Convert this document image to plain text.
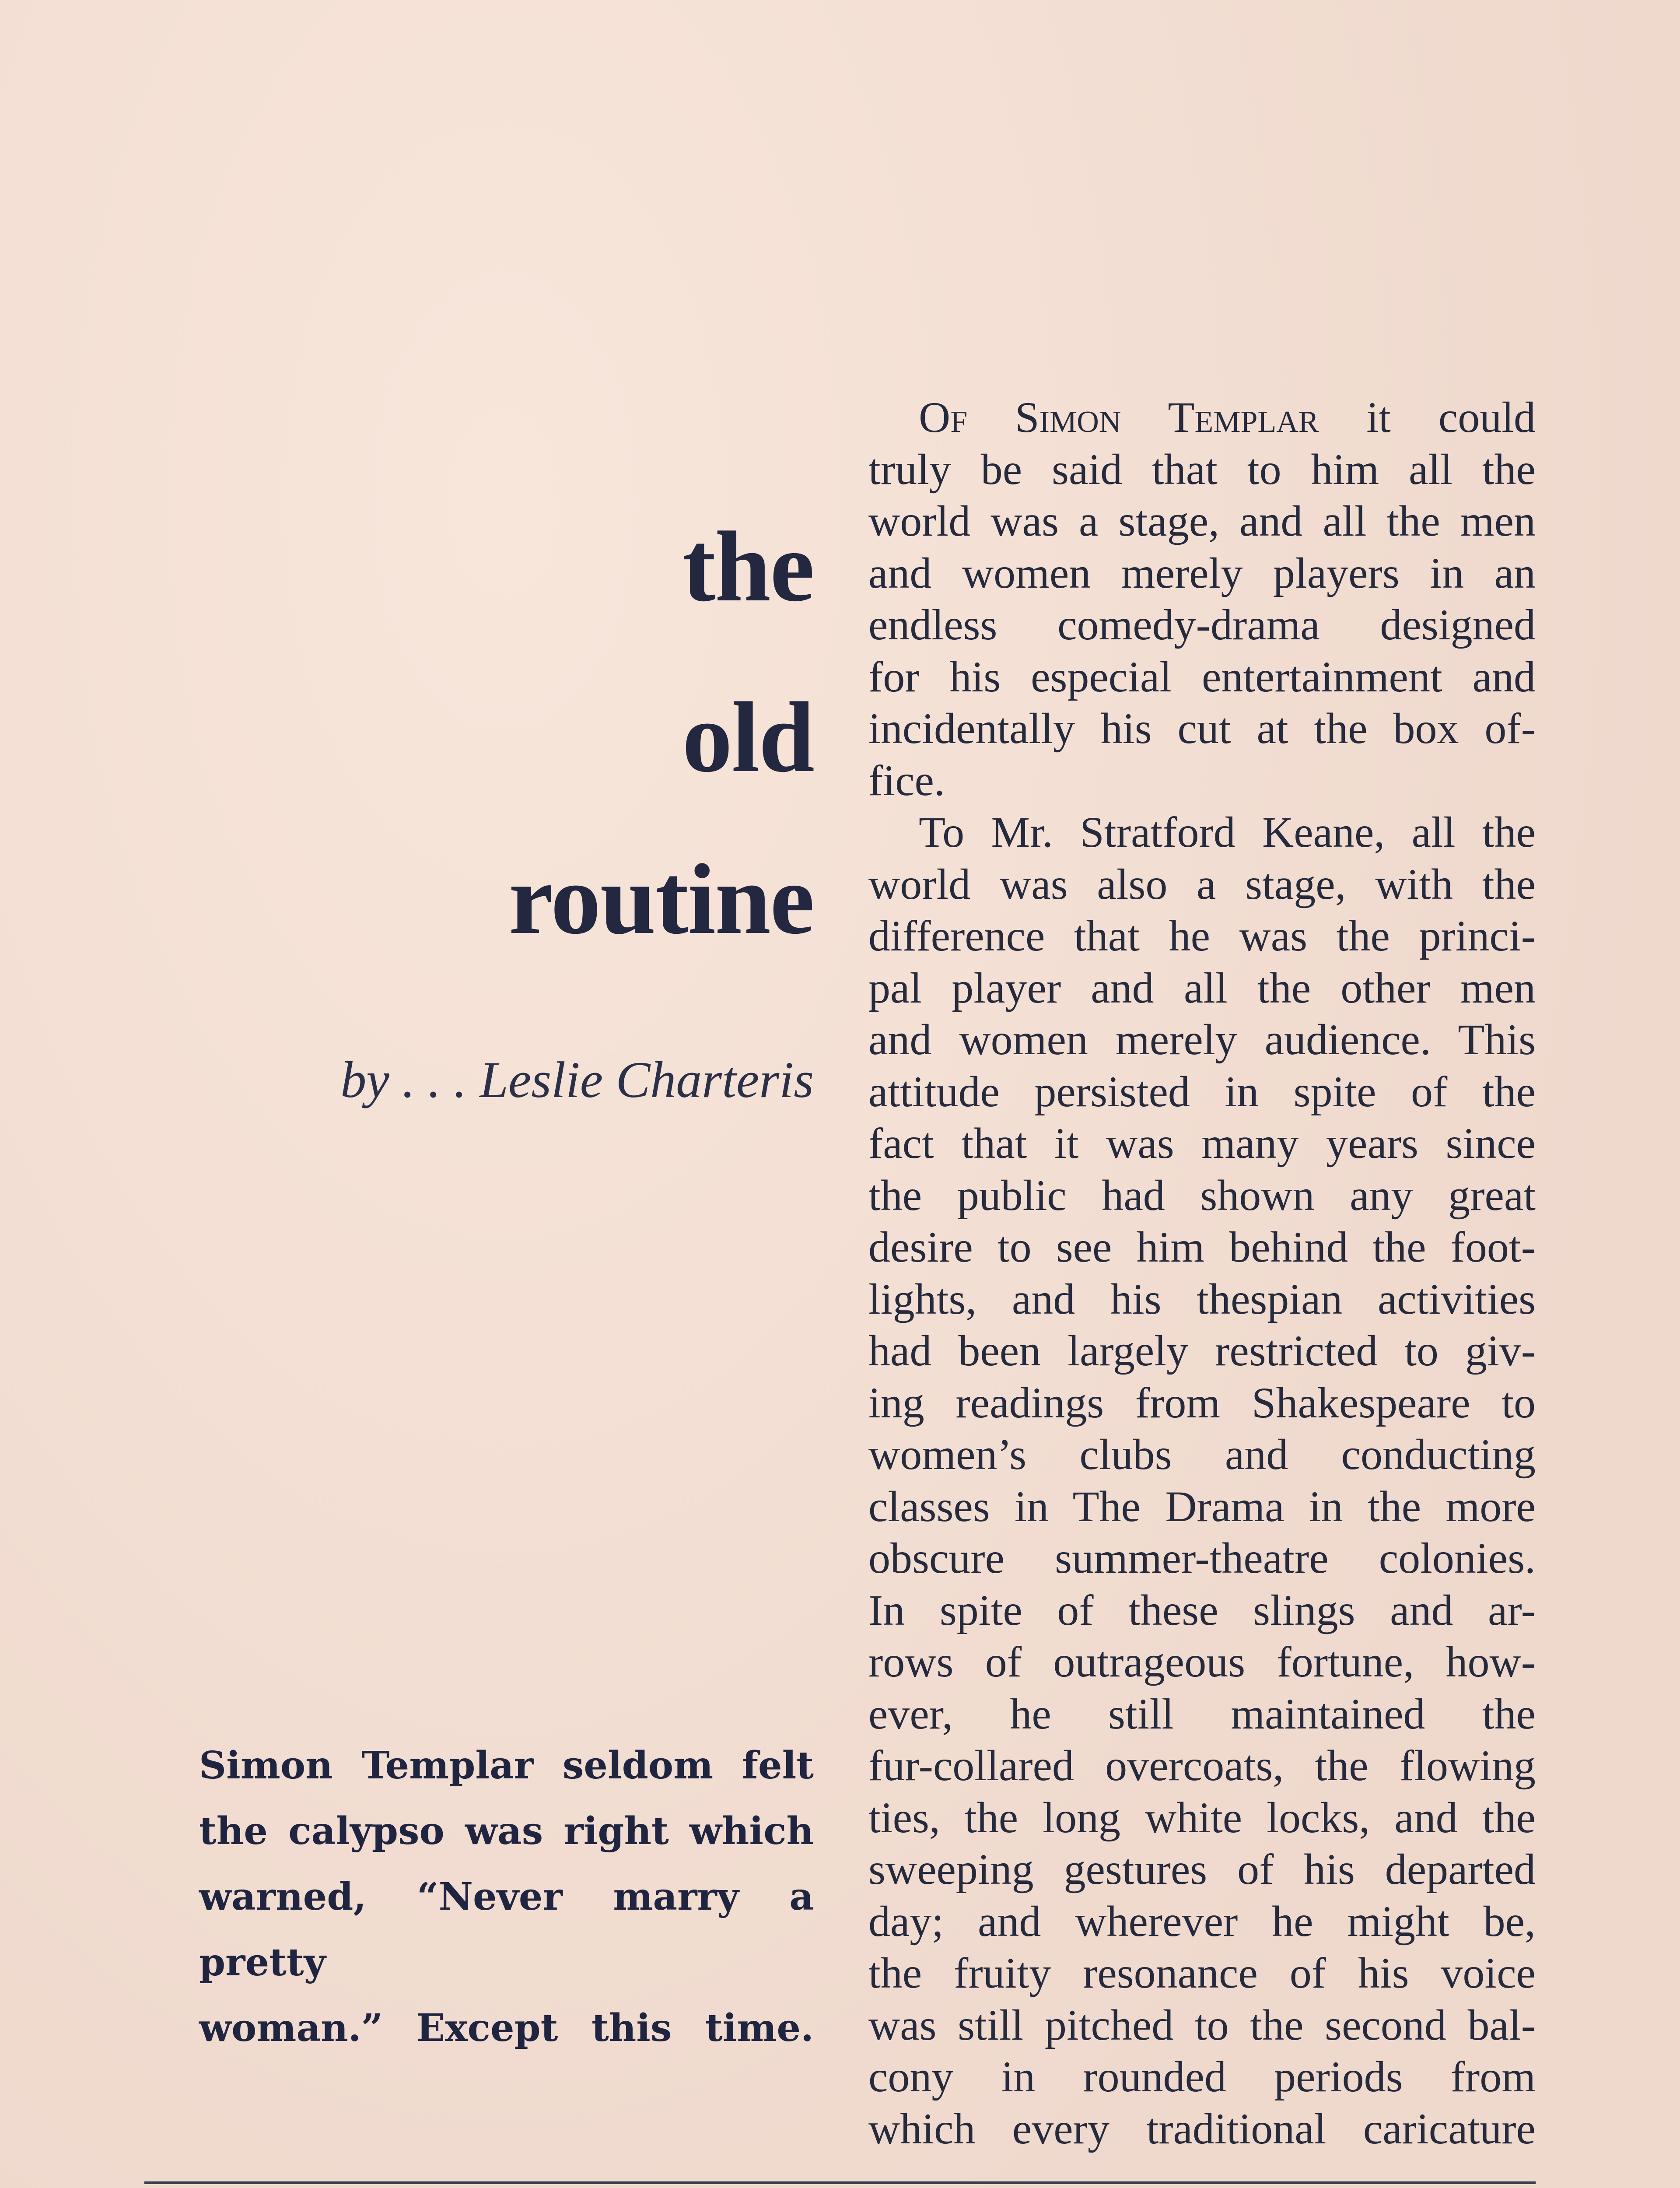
the
old
routine
by . . . Leslie Charteris
Simon Templar seldom felt
the calypso was right which
warned, “Never marry a pretty
woman.” Except this time.
Of Simon Templar it could
truly be said that to him all the
world was a stage, and all the men
and women merely players in an
endless comedy-drama designed
for his especial entertainment and
incidentally his cut at the box of-
fice.
To Mr. Stratford Keane, all the
world was also a stage, with the
difference that he was the princi-
pal player and all the other men
and women merely audience. This
attitude persisted in spite of the
fact that it was many years since
the public had shown any great
desire to see him behind the foot-
lights, and his thespian activities
had been largely restricted to giv-
ing readings from Shakespeare to
women’s clubs and conducting
classes in The Drama in the more
obscure summer-theatre colonies.
In spite of these slings and ar-
rows of outrageous fortune, how-
ever, he still maintained the
fur-collared overcoats, the flowing
ties, the long white locks, and the
sweeping gestures of his departed
day; and wherever he might be,
the fruity resonance of his voice
was still pitched to the second bal-
cony in rounded periods from
which every traditional caricature
